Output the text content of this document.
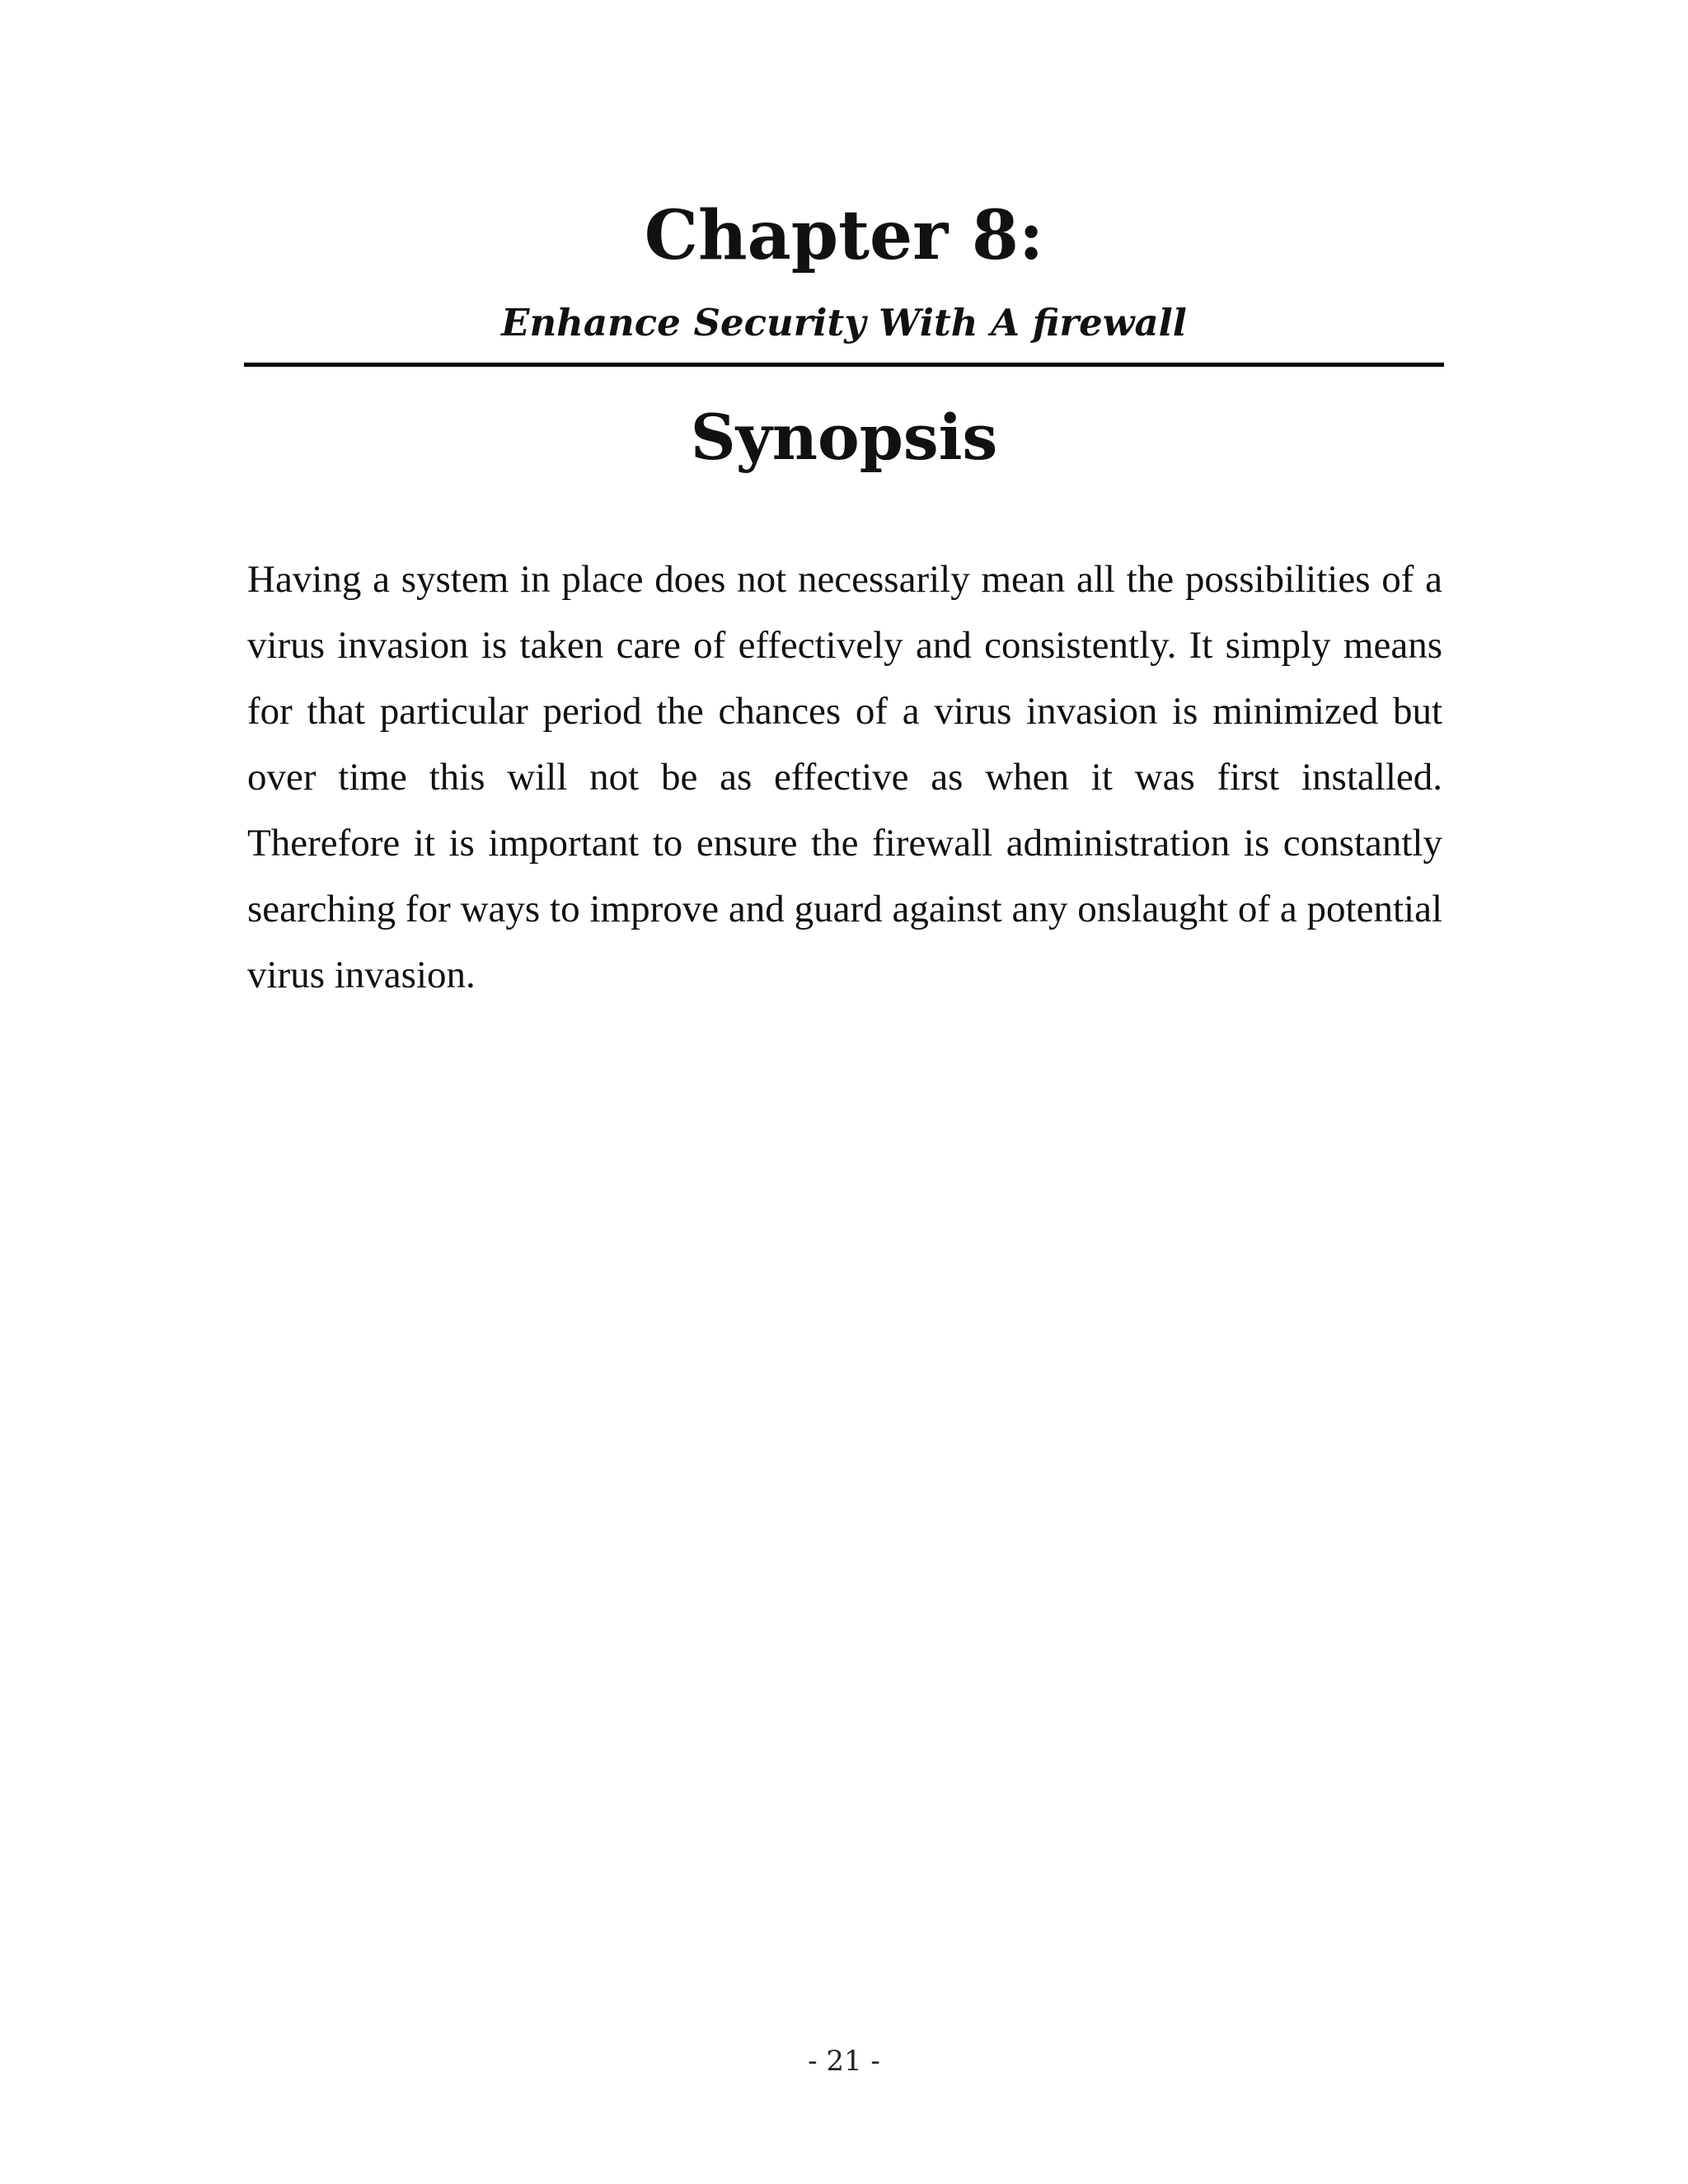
Chapter 8:
Enhance Security With A firewall
Synopsis

Having a system in place does not necessarily mean all the possibilities of a virus invasion is taken care of effectively and consistently. It simply means for that particular period the chances of a virus invasion is minimized but over time this will not be as effective as when it was first installed. Therefore it is important to ensure the firewall administration is constantly searching for ways to improve and guard against any onslaught of a potential virus invasion.

- 21 -
